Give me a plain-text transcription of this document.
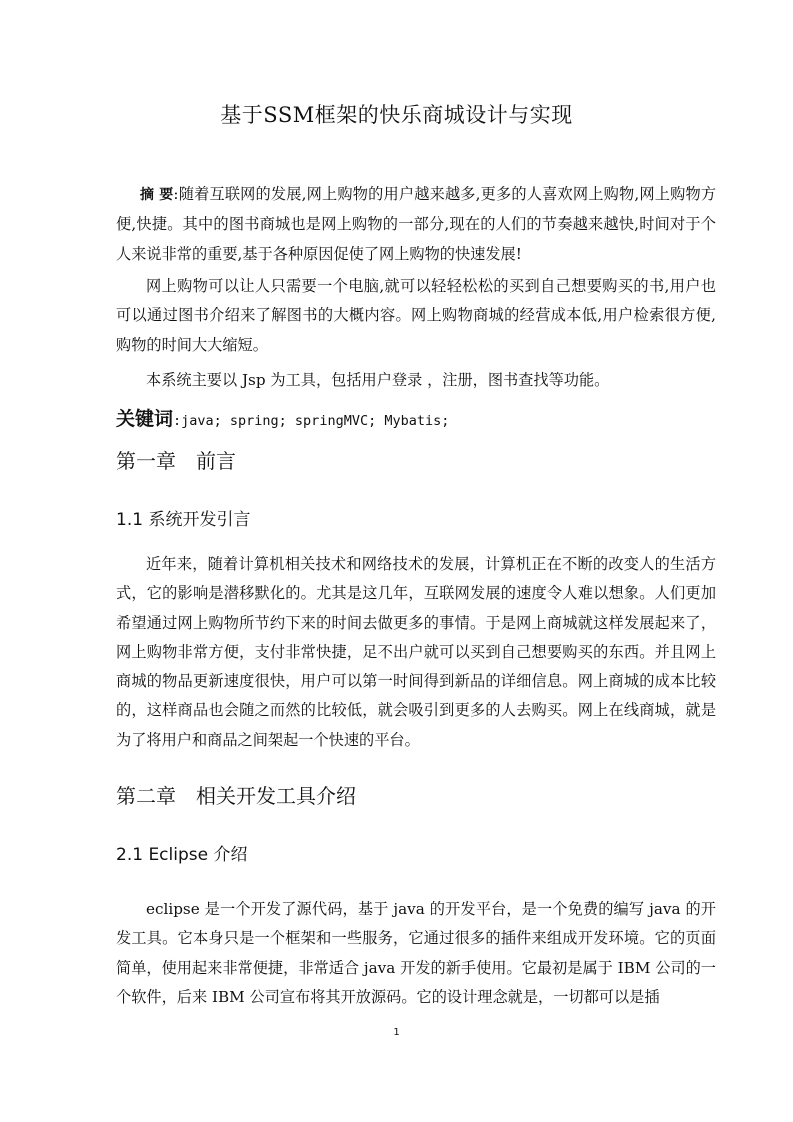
基于SSM框架的快乐商城设计与实现

摘 要:随着互联网的发展,网上购物的用户越来越多,更多的人喜欢网上购物,网上购物方便,快捷。其中的图书商城也是网上购物的一部分,现在的人们的节奏越来越快,时间对于个人来说非常的重要,基于各种原因促使了网上购物的快速发展!

网上购物可以让人只需要一个电脑,就可以轻轻松松的买到自己想要购买的书,用户也可以通过图书介绍来了解图书的大概内容。网上购物商城的经营成本低,用户检索很方便,购物的时间大大缩短。

本系统主要以 Jsp 为工具，包括用户登录 ，注册，图书查找等功能。

关键词:java; spring; springMVC; Mybatis;

第一章　前言
1.1 系统开发引言

近年来，随着计算机相关技术和网络技术的发展，计算机正在不断的改变人的生活方式，它的影响是潜移默化的。尤其是这几年，互联网发展的速度令人难以想象。人们更加希望通过网上购物所节约下来的时间去做更多的事情。于是网上商城就这样发展起来了，网上购物非常方便，支付非常快捷，足不出户就可以买到自己想要购买的东西。并且网上商城的物品更新速度很快，用户可以第一时间得到新品的详细信息。网上商城的成本比较的，这样商品也会随之而然的比较低，就会吸引到更多的人去购买。网上在线商城，就是为了将用户和商品之间架起一个快速的平台。

第二章　相关开发工具介绍
2.1 Eclipse 介绍

eclipse 是一个开发了源代码，基于 java 的开发平台，是一个免费的编写 java 的开发工具。它本身只是一个框架和一些服务，它通过很多的插件来组成开发环境。它的页面简单，使用起来非常便捷，非常适合 java 开发的新手使用。它最初是属于 IBM 公司的一个软件，后来 IBM 公司宣布将其开放源码。它的设计理念就是，一切都可以是插

1
